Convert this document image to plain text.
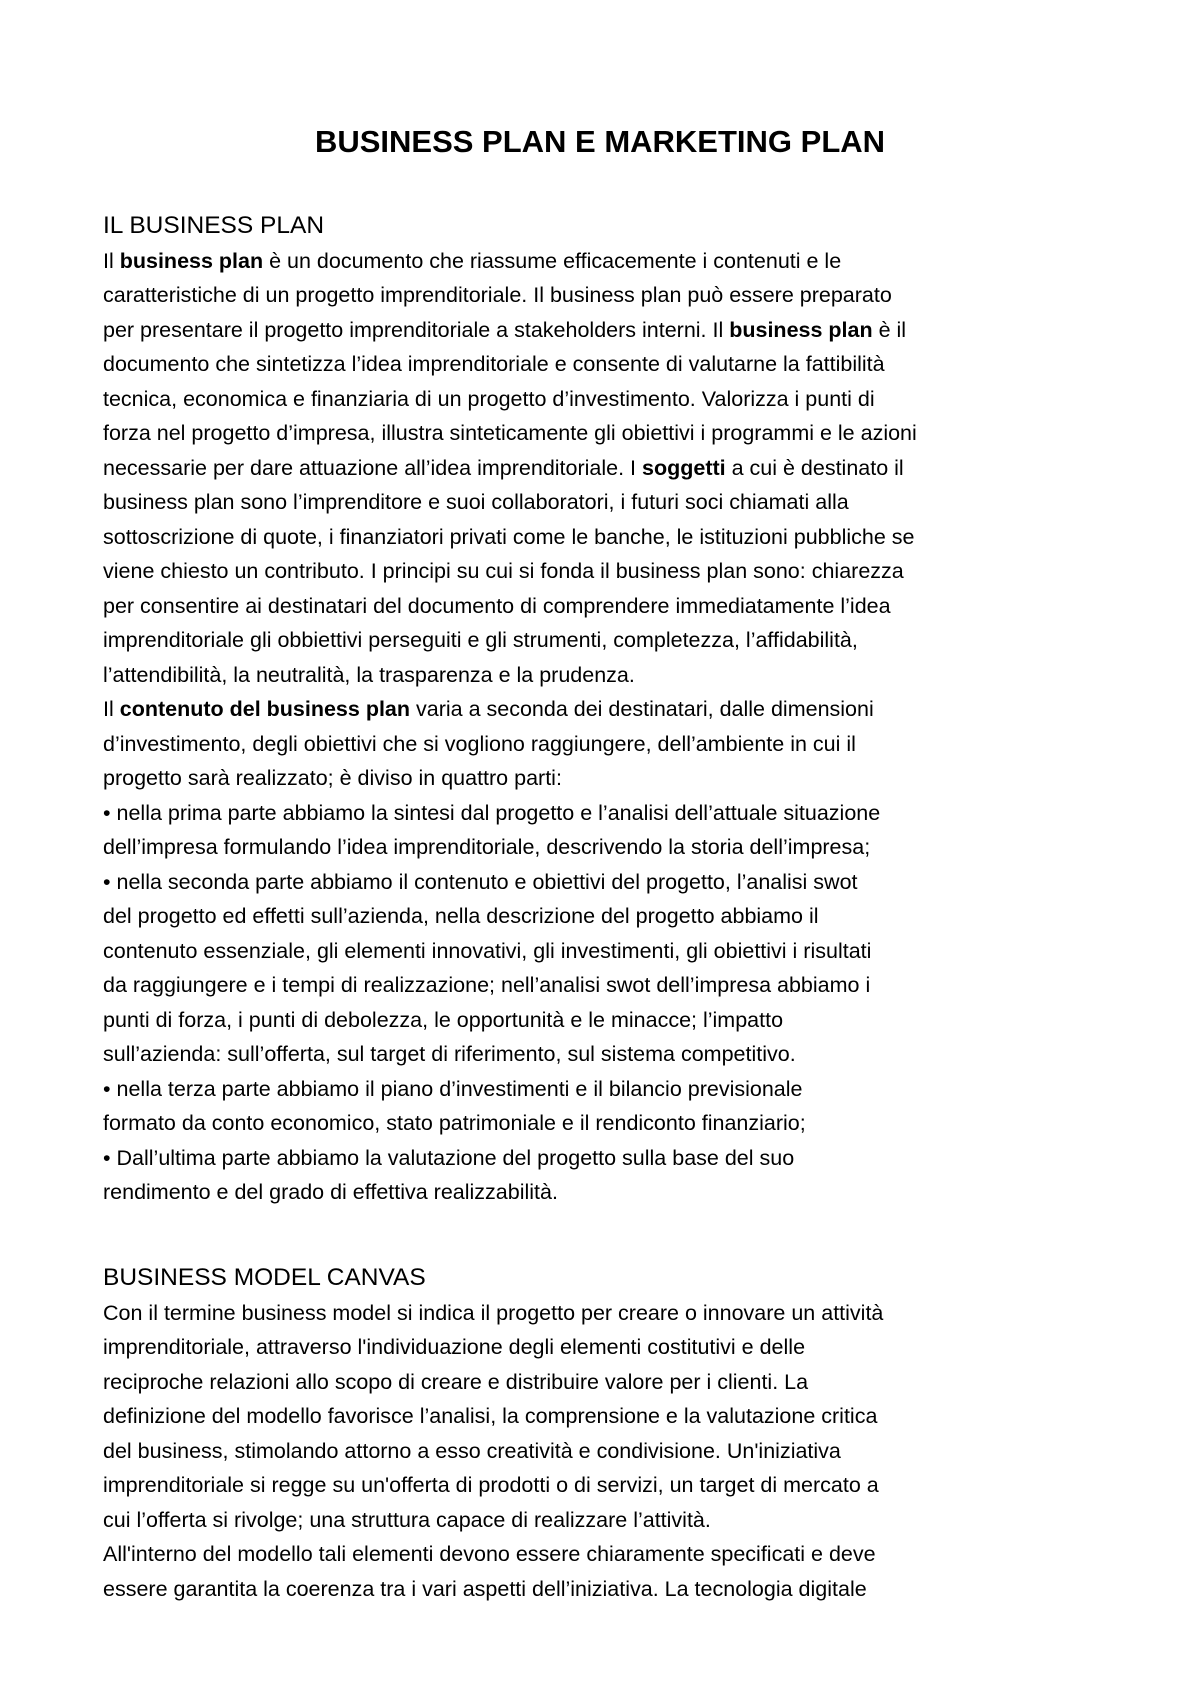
BUSINESS PLAN E MARKETING PLAN
IL BUSINESS PLAN
Il business plan è un documento che riassume efficacemente i contenuti e le
caratteristiche di un progetto imprenditoriale. Il business plan può essere preparato
per presentare il progetto imprenditoriale a stakeholders interni. Il business plan è il
documento che sintetizza l’idea imprenditoriale e consente di valutarne la fattibilità
tecnica, economica e finanziaria di un progetto d’investimento. Valorizza i punti di
forza nel progetto d’impresa, illustra sinteticamente gli obiettivi i programmi e le azioni
necessarie per dare attuazione all’idea imprenditoriale. I soggetti a cui è destinato il
business plan sono l’imprenditore e suoi collaboratori, i futuri soci chiamati alla
sottoscrizione di quote, i finanziatori privati come le banche, le istituzioni pubbliche se
viene chiesto un contributo. I principi su cui si fonda il business plan sono: chiarezza
per consentire ai destinatari del documento di comprendere immediatamente l’idea
imprenditoriale gli obbiettivi perseguiti e gli strumenti, completezza, l’affidabilità,
l’attendibilità, la neutralità, la trasparenza e la prudenza.
Il contenuto del business plan varia a seconda dei destinatari, dalle dimensioni
d’investimento, degli obiettivi che si vogliono raggiungere, dell’ambiente in cui il
progetto sarà realizzato; è diviso in quattro parti:
• nella prima parte abbiamo la sintesi dal progetto e l’analisi dell’attuale situazione
dell’impresa formulando l’idea imprenditoriale, descrivendo la storia dell’impresa;
• nella seconda parte abbiamo il contenuto e obiettivi del progetto, l’analisi swot
del progetto ed effetti sull’azienda, nella descrizione del progetto abbiamo il
contenuto essenziale, gli elementi innovativi, gli investimenti, gli obiettivi i risultati
da raggiungere e i tempi di realizzazione; nell’analisi swot dell’impresa abbiamo i
punti di forza, i punti di debolezza, le opportunità e le minacce; l’impatto
sull’azienda: sull’offerta, sul target di riferimento, sul sistema competitivo.
• nella terza parte abbiamo il piano d’investimenti e il bilancio previsionale
formato da conto economico, stato patrimoniale e il rendiconto finanziario;
• Dall’ultima parte abbiamo la valutazione del progetto sulla base del suo
rendimento e del grado di effettiva realizzabilità.
BUSINESS MODEL CANVAS
Con il termine business model si indica il progetto per creare o innovare un attività
imprenditoriale, attraverso l'individuazione degli elementi costitutivi e delle
reciproche relazioni allo scopo di creare e distribuire valore per i clienti. La
definizione del modello favorisce l’analisi, la comprensione e la valutazione critica
del business, stimolando attorno a esso creatività e condivisione. Un'iniziativa
imprenditoriale si regge su un'offerta di prodotti o di servizi, un target di mercato a
cui l’offerta si rivolge; una struttura capace di realizzare l’attività.
All'interno del modello tali elementi devono essere chiaramente specificati e deve
essere garantita la coerenza tra i vari aspetti dell’iniziativa. La tecnologia digitale
